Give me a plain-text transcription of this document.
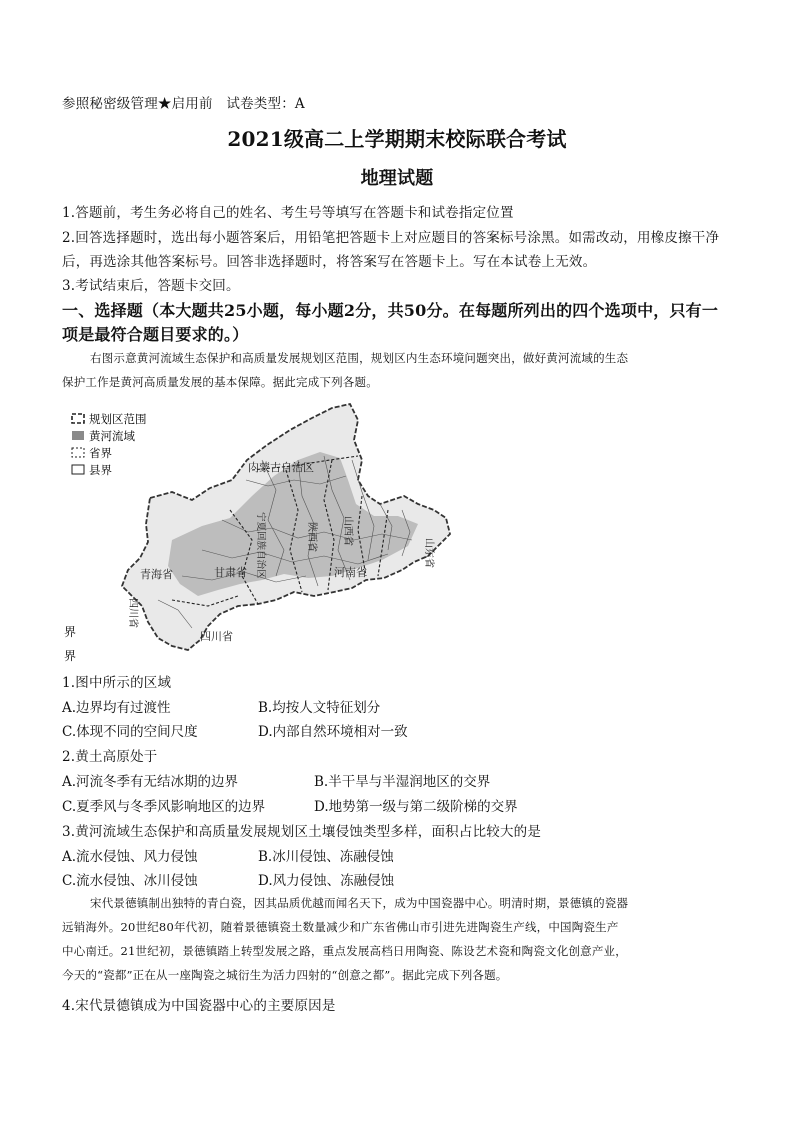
参照秘密级管理★启用前　试卷类型：A
2021级高二上学期期末校际联合考试
地理试题
1.答题前，考生务必将自己的姓名、考生号等填写在答题卡和试卷指定位置
2.回答选择题时，选出每小题答案后，用铅笔把答题卡上对应题目的答案标号涂黑。如需改动，用橡皮擦干净
后，再选涂其他答案标号。回答非选择题时，将答案写在答题卡上。写在本试卷上无效。
3.考试结束后，答题卡交回。
一、选择题（本大题共25小题，每小题2分，共50分。在每题所列出的四个选项中，只有一
项是最符合题目要求的。）
右图示意黄河流域生态保护和高质量发展规划区范围，规划区内生态环境问题突出，做好黄河流域的生态
保护工作是黄河高质量发展的基本保障。据此完成下列各题。
规划区范围
黄河流域
省界
县界	内蒙古自治区
宁夏回族自治区
甘肃省
青海省
四川省
四川省
陕西省	山西省
河南省
山东省
界
界
1.图中所示的区域
A.边界均有过渡性	B.均按人文特征划分
C.体现不同的空间尺度	D.内部自然环境相对一致
2.黄土高原处于
A.河流冬季有无结冰期的边界	B.半干旱与半湿润地区的交界
C.夏季风与冬季风影响地区的边界	D.地势第一级与第二级阶梯的交界
3.黄河流域生态保护和高质量发展规划区土壤侵蚀类型多样，面积占比较大的是
A.流水侵蚀、风力侵蚀	B.冰川侵蚀、冻融侵蚀
C.流水侵蚀、冰川侵蚀	D.风力侵蚀、冻融侵蚀
宋代景德镇制出独特的青白瓷，因其品质优越而闻名天下，成为中国瓷器中心。明清时期，景德镇的瓷器
远销海外。20世纪80年代初，随着景德镇瓷土数量减少和广东省佛山市引进先进陶瓷生产线，中国陶瓷生产
中心南迁。21世纪初，景德镇踏上转型发展之路，重点发展高档日用陶瓷、陈设艺术瓷和陶瓷文化创意产业，
今天的“瓷都”正在从一座陶瓷之城衍生为活力四射的“创意之都”。据此完成下列各题。
4.宋代景德镇成为中国瓷器中心的主要原因是
